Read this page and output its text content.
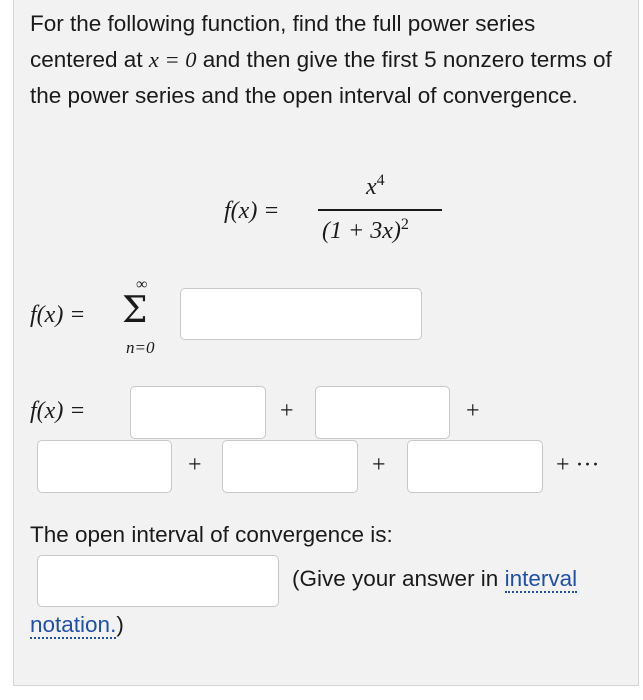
For the following function, find the full power series centered at x = 0 and then give the first 5 nonzero terms of the power series and the open interval of convergence.
f(x) =
$x^4$
$(1 + 3x)^2$
f(x) =
∞
Σ
n=0
f(x) =	+	+
+	+	+ ···
The open interval of convergence is:
(Give your answer in interval
notation.)
